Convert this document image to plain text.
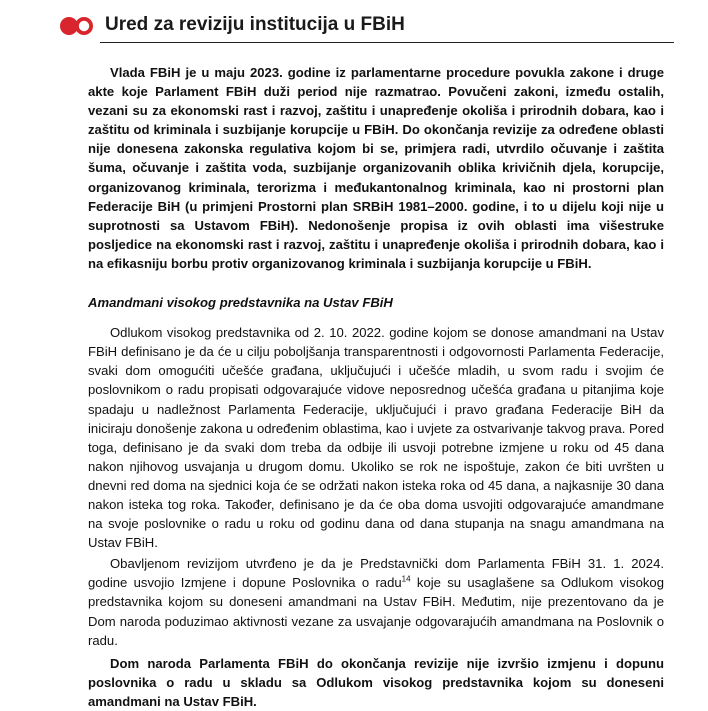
Ured za reviziju institucija u FBiH

Vlada FBiH je u maju 2023. godine iz parlamentarne procedure povukla zakone i druge akte koje Parlament FBiH duži period nije razmatrao. Povučeni zakoni, između ostalih, vezani su za ekonomski rast i razvoj, zaštitu i unapređenje okoliša i prirodnih dobara, kao i zaštitu od kriminala i suzbijanje korupcije u FBiH. Do okončanja revizije za određene oblasti nije donesena zakonska regulativa kojom bi se, primjera radi, utvrdilo očuvanje i zaštita šuma, očuvanje i zaštita voda, suzbijanje organizovanih oblika krivičnih djela, korupcije, organizovanog kriminala, terorizma i međukantonalnog kriminala, kao ni prostorni plan Federacije BiH (u primjeni Prostorni plan SRBiH 1981–2000. godine, i to u dijelu koji nije u suprotnosti sa Ustavom FBiH). Nedonošenje propisa iz ovih oblasti ima višestruke posljedice na ekonomski rast i razvoj, zaštitu i unapređenje okoliša i prirodnih dobara, kao i na efikasniju borbu protiv organizovanog kriminala i suzbijanja korupcije u FBiH.

Amandmani visokog predstavnika na Ustav FBiH

Odlukom visokog predstavnika od 2. 10. 2022. godine kojom se donose amandmani na Ustav FBiH definisano je da će u cilju poboljšanja transparentnosti i odgovornosti Parlamenta Federacije, svaki dom omogućiti učešće građana, uključujući i učešće mladih, u svom radu i svojim će poslovnikom o radu propisati odgovarajuće vidove neposrednog učešća građana u pitanjima koje spadaju u nadležnost Parlamenta Federacije, uključujući i pravo građana Federacije BiH da iniciraju donošenje zakona u određenim oblastima, kao i uvjete za ostvarivanje takvog prava. Pored toga, definisano je da svaki dom treba da odbije ili usvoji potrebne izmjene u roku od 45 dana nakon njihovog usvajanja u drugom domu. Ukoliko se rok ne ispoštuje, zakon će biti uvršten u dnevni red doma na sjednici koja će se održati nakon isteka roka od 45 dana, a najkasnije 30 dana nakon isteka tog roka. Također, definisano je da će oba doma usvojiti odgovarajuće amandmane na svoje poslovnike o radu u roku od godinu dana od dana stupanja na snagu amandmana na Ustav FBiH.

Obavljenom revizijom utvrđeno je da je Predstavnički dom Parlamenta FBiH 31. 1. 2024. godine usvojio Izmjene i dopune Poslovnika o radu$^{14}$ koje su usaglašene sa Odlukom visokog predstavnika kojom su doneseni amandmani na Ustav FBiH. Međutim, nije prezentovano da je Dom naroda poduzimao aktivnosti vezane za usvajanje odgovarajućih amandmana na Poslovnik o radu.

Dom naroda Parlamenta FBiH do okončanja revizije nije izvršio izmjenu i dopunu poslovnika o radu u skladu sa Odlukom visokog predstavnika kojom su doneseni amandmani na Ustav FBiH.
